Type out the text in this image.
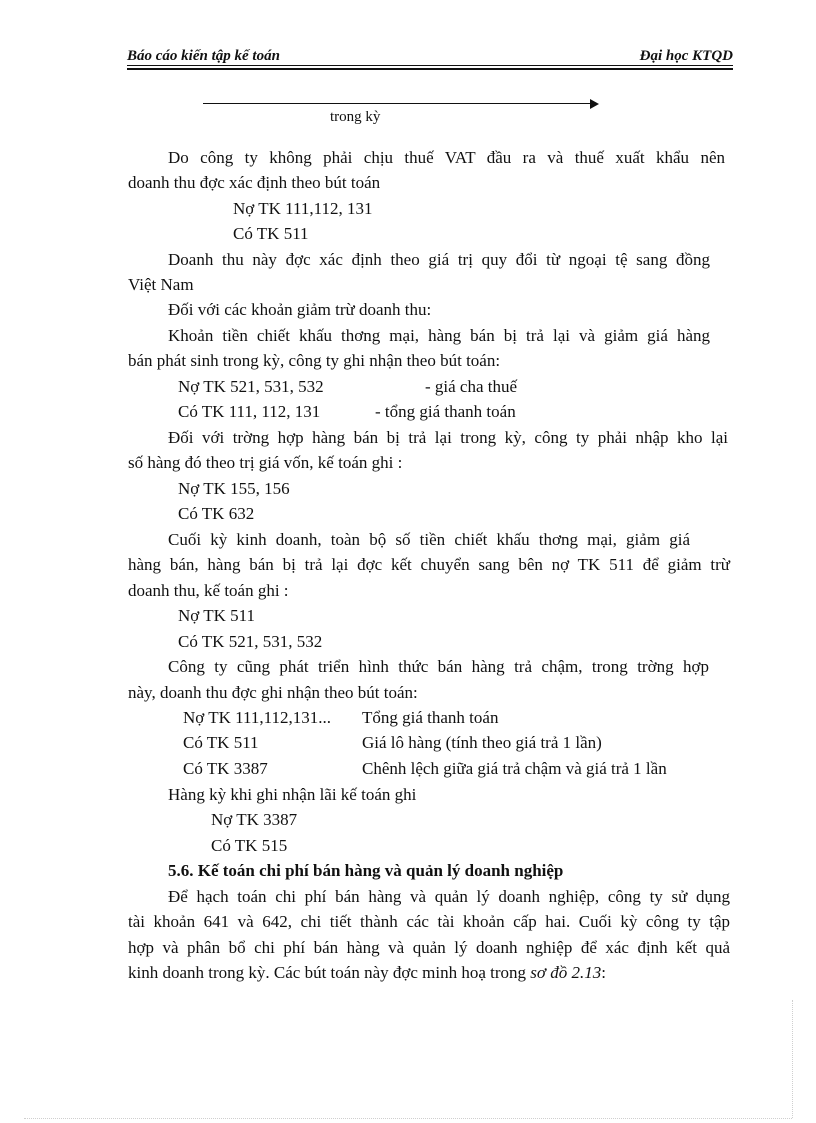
Báo cáo kiến tập kế toán	Đại học KTQD
trong kỳ
Do công ty không phải chịu thuế VAT đầu ra và thuế xuất khẩu nên
doanh thu đợc xác định theo bút toán
Nợ TK 111,112, 131
Có TK 511
Doanh thu này đợc xác định theo giá trị quy đổi từ ngoại tệ sang đồng
Việt Nam
Đối với các khoản giảm trừ doanh thu:
Khoản tiền chiết khấu thơng mại, hàng bán bị trả lại và giảm giá hàng
bán phát sinh trong kỳ, công ty ghi nhận theo bút toán:
Nợ TK 521, 531, 532	- giá cha thuế
Có TK 111, 112, 131	- tổng giá thanh toán
Đối với trờng hợp hàng bán bị trả lại trong kỳ, công ty phải nhập kho lại
số hàng đó theo trị giá vốn, kế toán ghi :
Nợ TK 155, 156
Có TK 632
Cuối kỳ kinh doanh, toàn bộ số tiền chiết khấu thơng mại, giảm giá
hàng bán, hàng bán bị trả lại đợc kết chuyển sang bên nợ TK 511 để giảm trừ
doanh thu, kế toán ghi :
Nợ TK 511
Có TK 521, 531, 532
Công ty cũng phát triển hình thức bán hàng trả chậm, trong trờng hợp
này, doanh thu đợc ghi nhận theo bút toán:
Nợ TK 111,112,131... Tổng giá thanh toán
Có TK 511	Giá lô hàng (tính theo giá trả 1 lần)
Có TK 3387	Chênh lệch giữa giá trả chậm và giá trả 1 lần
Hàng kỳ khi ghi nhận lãi kế toán ghi
Nợ TK 3387
Có TK 515
5.6. Kế toán chi phí bán hàng và quản lý doanh nghiệp
Để hạch toán chi phí bán hàng và quản lý doanh nghiệp, công ty sử dụng
tài khoản 641 và 642, chi tiết thành các tài khoản cấp hai. Cuối kỳ công ty tập
hợp và phân bổ chi phí bán hàng và quản lý doanh nghiệp để xác định kết quả
kinh doanh trong kỳ. Các bút toán này đợc minh hoạ trong sơ đồ 2.13:
